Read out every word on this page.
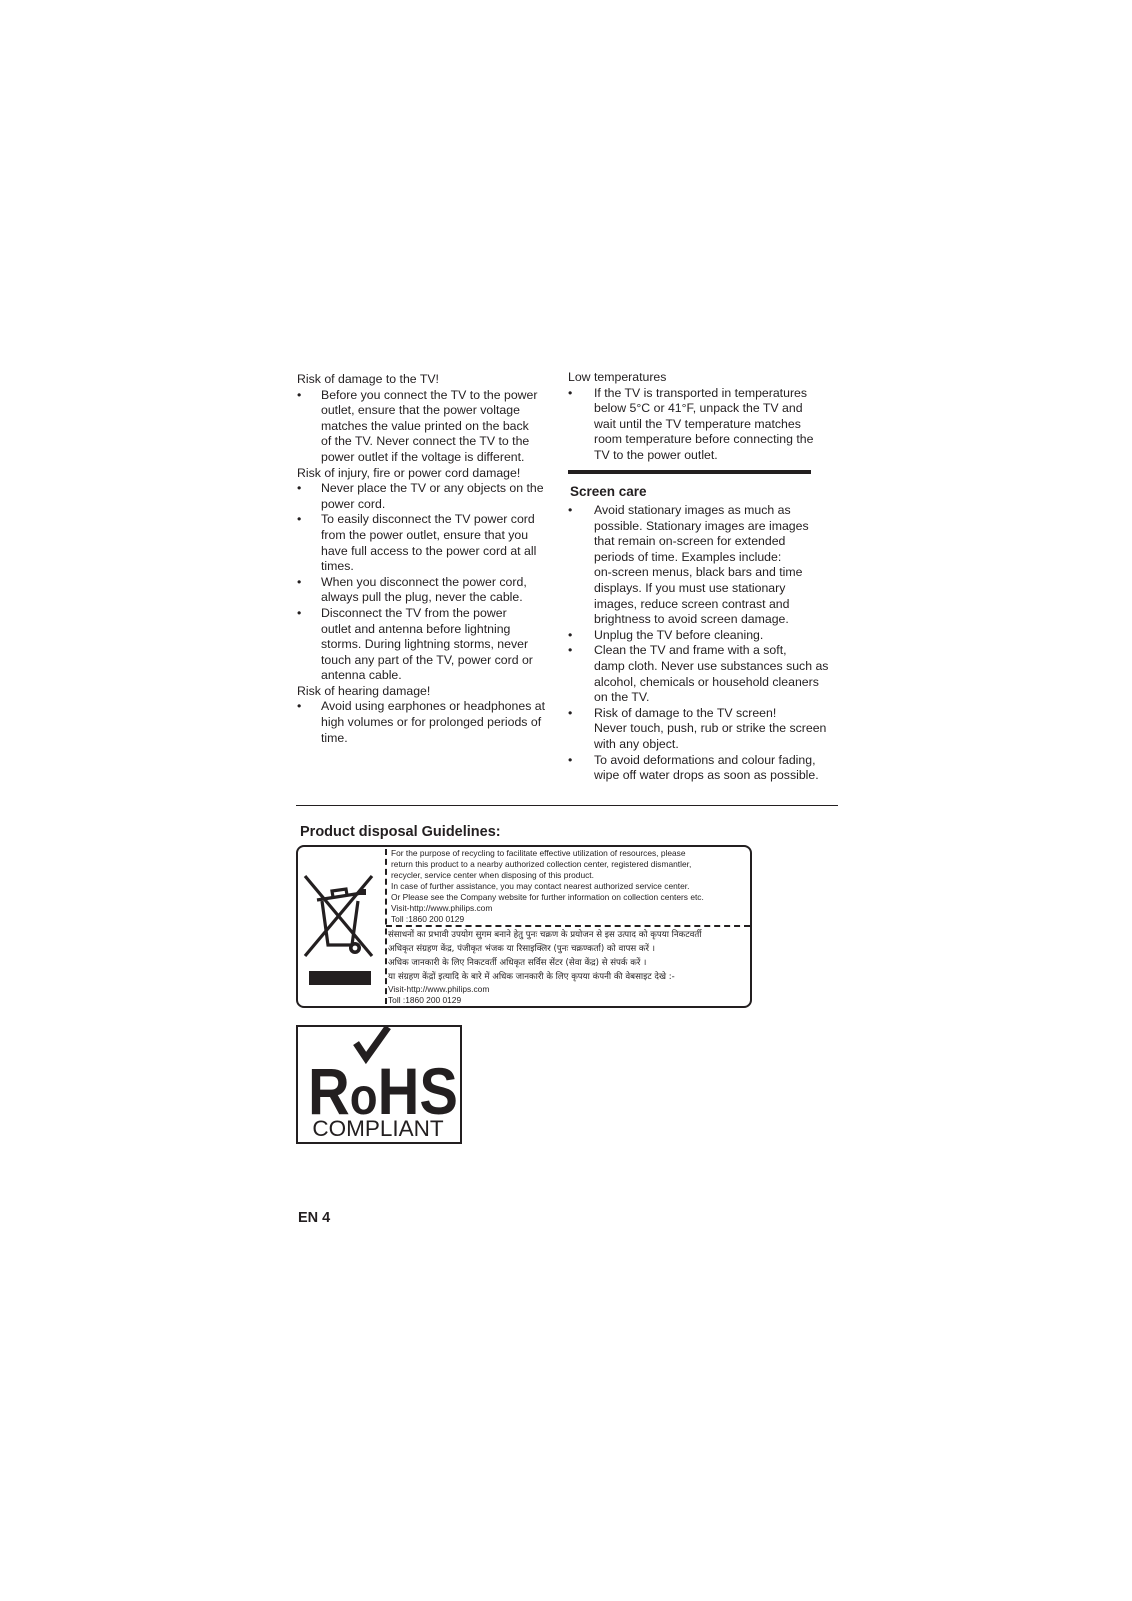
Risk of damage to the TV!
• Before you connect the TV to the power
outlet, ensure that the power voltage
matches the value printed on the back
of the TV. Never connect the TV to the
power outlet if the voltage is different.
Risk of injury, fire or power cord damage!
• Never place the TV or any objects on the
power cord.
• To easily disconnect the TV power cord
from the power outlet, ensure that you
have full access to the power cord at all
times.
• When you disconnect the power cord,
always pull the plug, never the cable.
• Disconnect the TV from the power
outlet and antenna before lightning
storms. During lightning storms, never
touch any part of the TV, power cord or
antenna cable.
Risk of hearing damage!
• Avoid using earphones or headphones at
high volumes or for prolonged periods of
time.
Low temperatures
• If the TV is transported in temperatures
below 5°C or 41°F, unpack the TV and
wait until the TV temperature matches
room temperature before connecting the
TV to the power outlet.
Screen care
• Avoid stationary images as much as
possible. Stationary images are images
that remain on-screen for extended
periods of time. Examples include:
on-screen menus, black bars and time
displays. If you must use stationary
images, reduce screen contrast and
brightness to avoid screen damage.
• Unplug the TV before cleaning.
• Clean the TV and frame with a soft,
damp cloth. Never use substances such as
alcohol, chemicals or household cleaners
on the TV.
• Risk of damage to the TV screen!
Never touch, push, rub or strike the screen
with any object.
• To avoid deformations and colour fading,
wipe off water drops as soon as possible.
Product disposal Guidelines:
For the purpose of recycling to facilitate effective utilization of resources, please
return this product to a nearby authorized collection center, registered dismantler,
recycler, service center when disposing of this product.
In case of further assistance, you may contact nearest authorized service center.
Or Please see the Company website for further information on collection centers etc.
Visit-http://www.philips.com
Toll :1860 200 0129
संसाधनों का प्रभावी उपयोग सुगम बनाने हेतु पुनः चक्रण के प्रयोजन से इस उत्पाद को कृपया निकटवर्ती
अधिकृत संग्रहण केंद्र, पंजीकृत भंजक या रिसाइक्लिर (पुनः चक्रण्कर्ता) को वापस करें ।
अधिक जानकारी के लिए निकटवर्ती अधिकृत सर्विस सेंटर (सेवा केंद्र) से संपर्क करें ।
या संग्रहण केंद्रों इत्यादि के बारे में अधिक जानकारी के लिए कृपया कंपनी की वेबसाइट देखे :-
Visit-http://www.philips.com
Toll :1860 200 0129
RoHS
COMPLIANT
EN 4
